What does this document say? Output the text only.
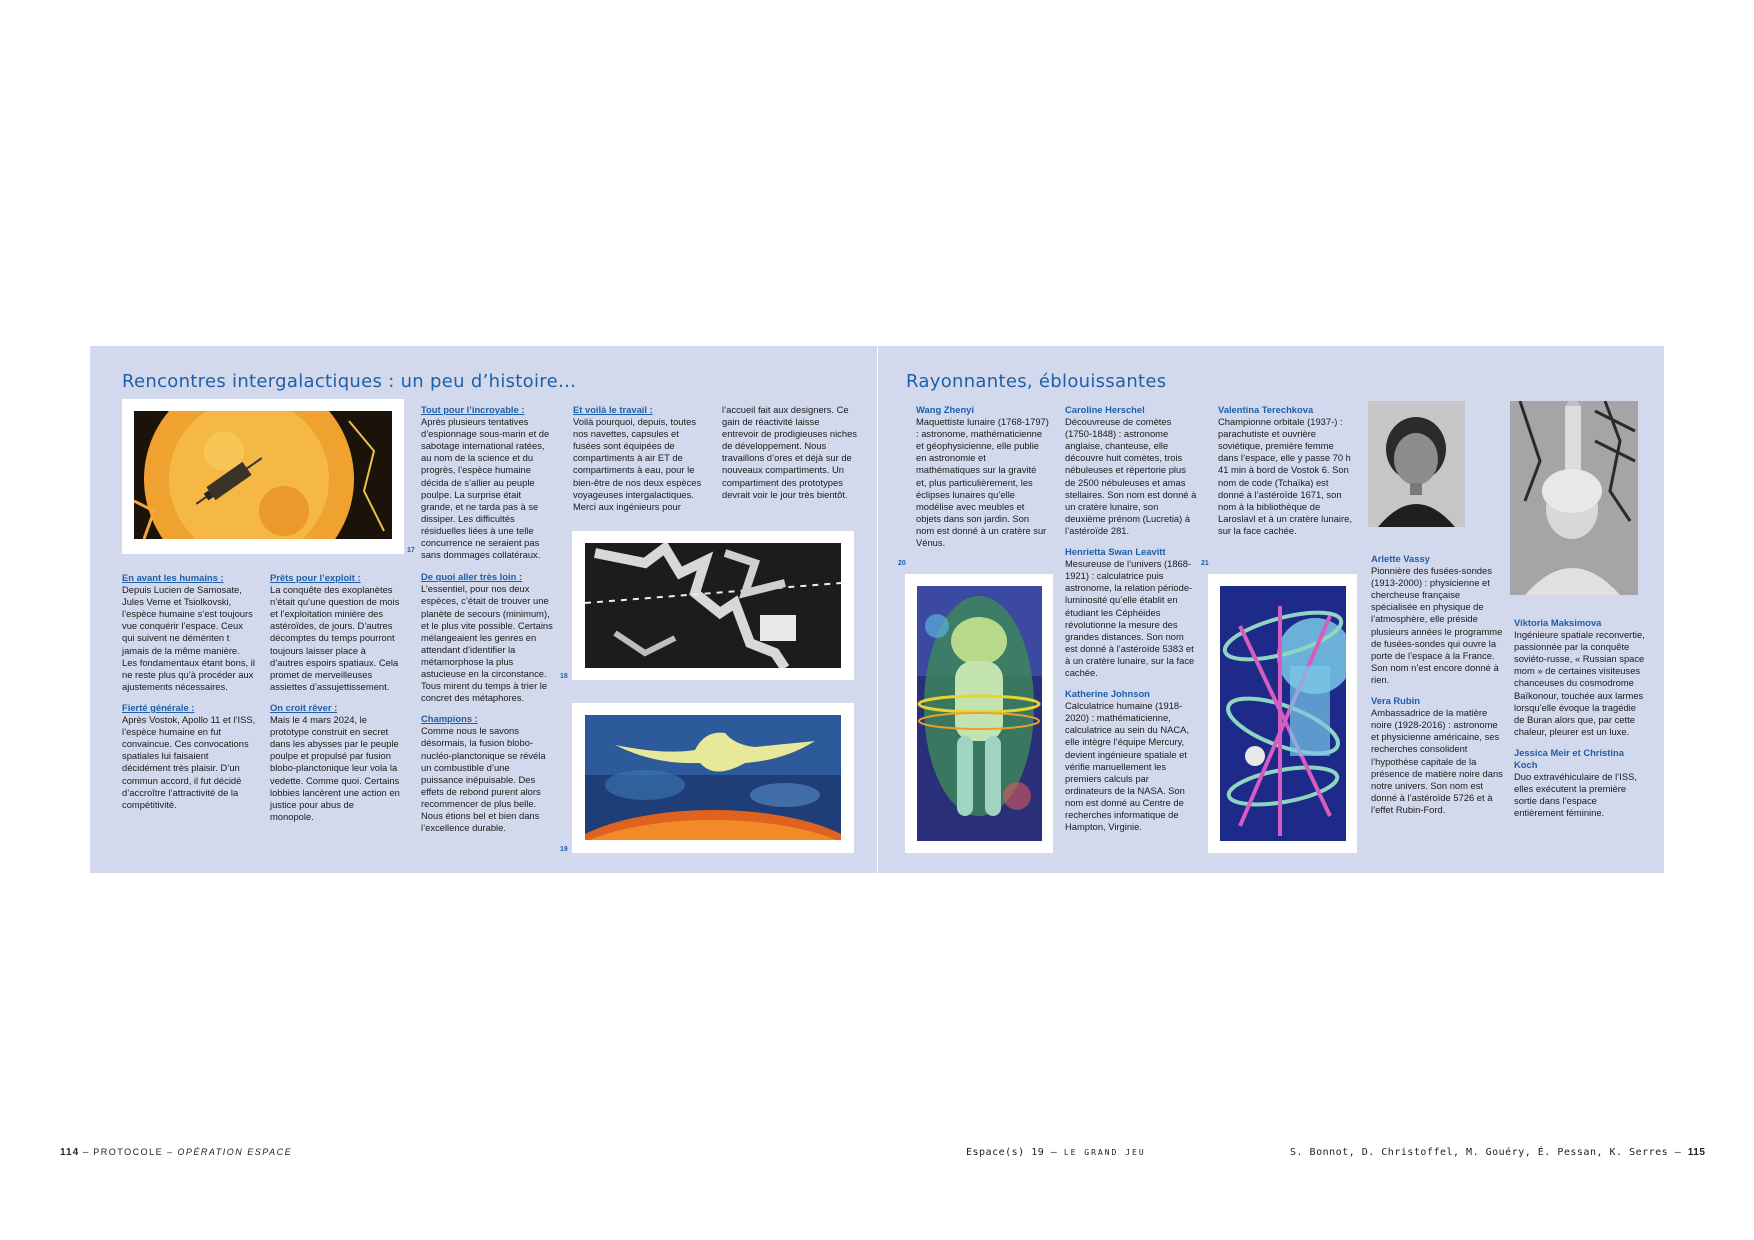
Rencontres intergalactiques : un peu d’histoire…
17

En avant les humains :
Depuis Lucien de Samosate, Jules Verne et Tsiolkovski, l’espèce humaine s’est toujours vue conquérir l’espace. Ceux qui suivent ne démériten t jamais de la même manière. Les fondamentaux étant bons, il ne reste plus qu’à procéder aux ajustements nécessaires.

Fierté générale :
Après Vostok, Apollo 11 et l’ISS, l’espèce humaine en fut convaincue. Ces convocations spatiales lui faisaient décidément très plaisir. D’un commun accord, il fut décidé d’accroître l’attractivité de la compétitivité.

Prêts pour l’exploit :
La conquête des exoplanètes n’était qu’une question de mois et l’exploitation minière des astéroïdes, de jours. D’autres décomptes du temps pourront toujours laisser place à d’autres espoirs spatiaux. Cela promet de merveilleuses assiettes d’assujettissement.

On croit rêver :
Mais le 4 mars 2024, le prototype construit en secret dans les abysses par le peuple poulpe et propulsé par fusion blobo-planctonique leur vola la vedette. Comme quoi. Certains lobbies lancèrent une action en justice pour abus de monopole.

Tout pour l’incroyable :
Après plusieurs tentatives d’espionnage sous-marin et de sabotage international ratées, au nom de la science et du progrès, l’espèce humaine décida de s’allier au peuple poulpe. La surprise était grande, et ne tarda pas à se dissiper. Les difficultés résiduelles liées à une telle concurrence ne seraient pas sans dommages collatéraux.

De quoi aller très loin :
L’essentiel, pour nos deux espèces, c’était de trouver une planète de secours (minimum), et le plus vite possible. Certains mélangeaient les genres en attendant d’identifier la métamorphose la plus astucieuse en la circonstance. Tous mirent du temps à trier le concret des métaphores.

Champions :
Comme nous le savons désormais, la fusion blobo-nucléo-planctonique se révéla un combustible d’une puissance inépuisable. Des effets de rebond purent alors recommencer de plus belle. Nous étions bel et bien dans l’excellence durable.

Et voilà le travail :
Voilà pourquoi, depuis, toutes nos navettes, capsules et fusées sont équipées de compartiments à air ET de compartiments à eau, pour le bien-être de nos deux espèces voyageuses intergalactiques. Merci aux ingénieurs pour

l’accueil fait aux designers. Ce gain de réactivité laisse entrevoir de prodigieuses niches de développement. Nous travaillons d’ores et déjà sur de nouveaux compartiments. Un compartiment des prototypes devrait voir le jour très bientôt.

18
19
Rayonnantes, éblouissantes

Wang Zhenyi
Maquettiste lunaire (1768-1797) : astronome, mathématicienne et géophysicienne, elle publie en astronomie et mathématiques sur la gravité et, plus particulièrement, les éclipses lunaires qu’elle modélise avec meubles et objets dans son jardin. Son nom est donné à un cratère sur Vénus.

Caroline Herschel
Découvreuse de comètes (1750-1848) : astronome anglaise, chanteuse, elle découvre huit comètes, trois nébuleuses et répertorie plus de 2500 nébuleuses et amas stellaires. Son nom est donné à un cratère lunaire, son deuxième prénom (Lucretia) à l’astéroïde 281.

Henrietta Swan Leavitt
Mesureuse de l’univers (1868-1921) : calculatrice puis astronome, la relation période-luminosité qu’elle établit en étudiant les Céphéides révolutionne la mesure des grandes distances. Son nom est donné à l’astéroïde 5383 et à un cratère lunaire, sur la face cachée.

Katherine Johnson
Calculatrice humaine (1918-2020) : mathématicienne, calculatrice au sein du NACA, elle intègre l’équipe Mercury, devient ingénieure spatiale et vérifie manuellement les premiers calculs par ordinateurs de la NASA. Son nom est donné au Centre de recherches informatique de Hampton, Virginie.

Valentina Terechkova
Championne orbitale (1937-) : parachutiste et ouvrière soviétique, première femme dans l’espace, elle y passe 70 h 41 min à bord de Vostok 6. Son nom de code (Tchaïka) est donné à l’astéroïde 1671, son nom à la bibliothèque de Laroslavl et à un cratère lunaire, sur la face cachée.

Arlette Vassy
Pionnière des fusées-sondes (1913-2000) : physicienne et chercheuse française spécialisée en physique de l’atmosphère, elle préside plusieurs années le programme de fusées-sondes qui ouvre la porte de l’espace à la France. Son nom n’est encore donné à rien.

Vera Rubin
Ambassadrice de la matière noire (1928-2016) : astronome et physicienne américaine, ses recherches consolident l’hypothèse capitale de la présence de matière noire dans notre univers. Son nom est donné à l’astéroïde 5726 et à l’effet Rubin-Ford.

Viktoria Maksimova
Ingénieure spatiale reconvertie, passionnée par la conquête soviéto-russe, « Russian space mom » de certaines visiteuses chanceuses du cosmodrome Baïkonour, touchée aux larmes lorsqu’elle évoque la tragédie de Buran alors que, par cette chaleur, pleurer est un luxe.

Jessica Meir et Christina Koch
Duo extravéhiculaire de l’ISS, elles exécutent la première sortie dans l’espace entièrement féminine.

20	21
114 – PROTOCOLE – OPÉRATION ESPACE	Espace(s) 19 – LE GRAND JEU	S. Bonnot, D. Christoffel, M. Gouéry, É. Pessan, K. Serres – 115
